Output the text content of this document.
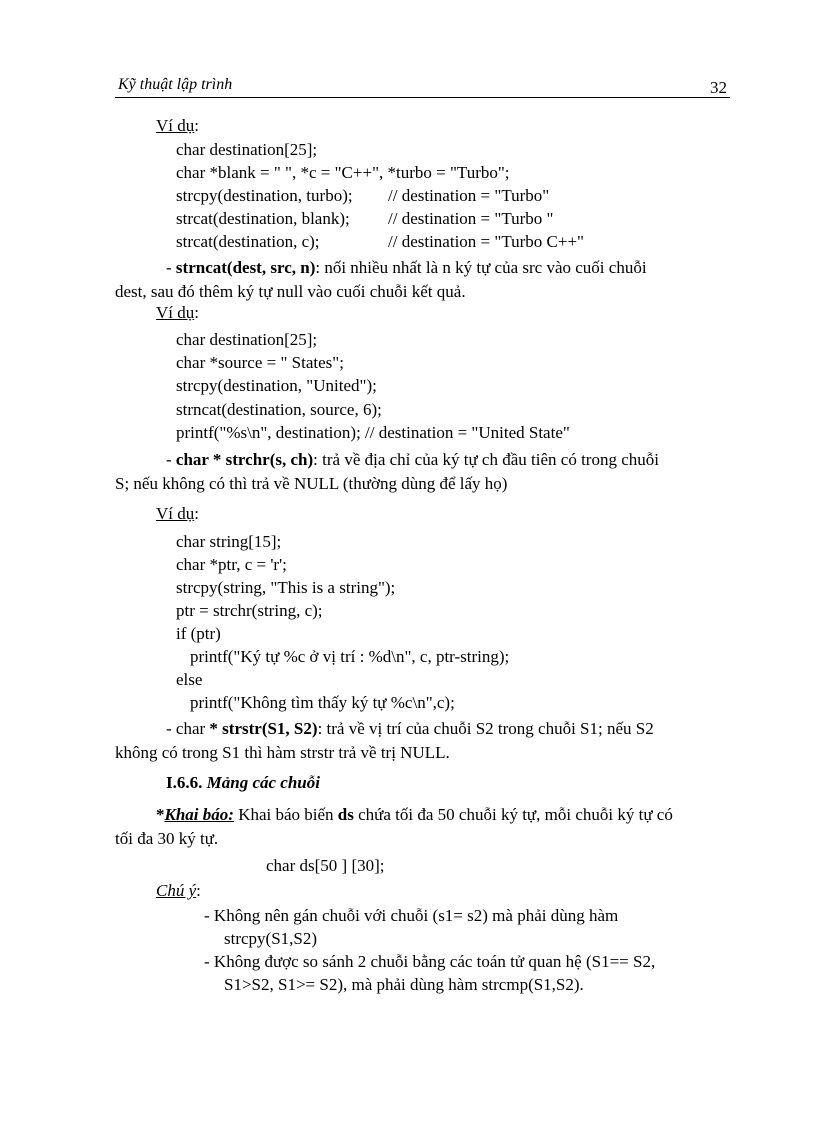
Kỹ thuật lập trình	32
Ví dụ:
char destination[25];
char *blank = " ", *c = "C++", *turbo = "Turbo";
strcpy(destination, turbo); // destination = "Turbo"
strcat(destination, blank); // destination = "Turbo "
strcat(destination, c);	// destination = "Turbo C++"
- strncat(dest, src, n): nối nhiều nhất là n ký tự của src vào cuối chuỗi
dest, sau đó thêm ký tự null vào cuối chuỗi kết quả.
Ví dụ:
char destination[25];
char *source = " States";
strcpy(destination, "United");
strncat(destination, source, 6);
printf("%s\n", destination); // destination = "United State"
- char * strchr(s, ch): trả về địa chỉ của ký tự ch đầu tiên có trong chuỗi
S; nếu không có thì trả về NULL (thường dùng để lấy họ)
Ví dụ:
char string[15];
char *ptr, c = 'r';
strcpy(string, "This is a string");
ptr = strchr(string, c);
if (ptr)
printf("Ký tự %c ở vị trí : %d\n", c, ptr-string);
else
printf("Không tìm thấy ký tự %c\n",c);
- char * strstr(S1, S2): trả về vị trí của chuỗi S2 trong chuỗi S1; nếu S2
không có trong S1 thì hàm strstr trả về trị NULL.
I.6.6. Mảng các chuỗi
*Khai báo: Khai báo biến ds chứa tối đa 50 chuỗi ký tự, mỗi chuỗi ký tự có
tối đa 30 ký tự.
char ds[50 ] [30];
Chú ý:
- Không nên gán chuỗi với chuỗi (s1= s2) mà phải dùng hàm
strcpy(S1,S2)
- Không được so sánh 2 chuỗi bằng các toán tử quan hệ (S1== S2,
S1>S2, S1>= S2), mà phải dùng hàm strcmp(S1,S2).
